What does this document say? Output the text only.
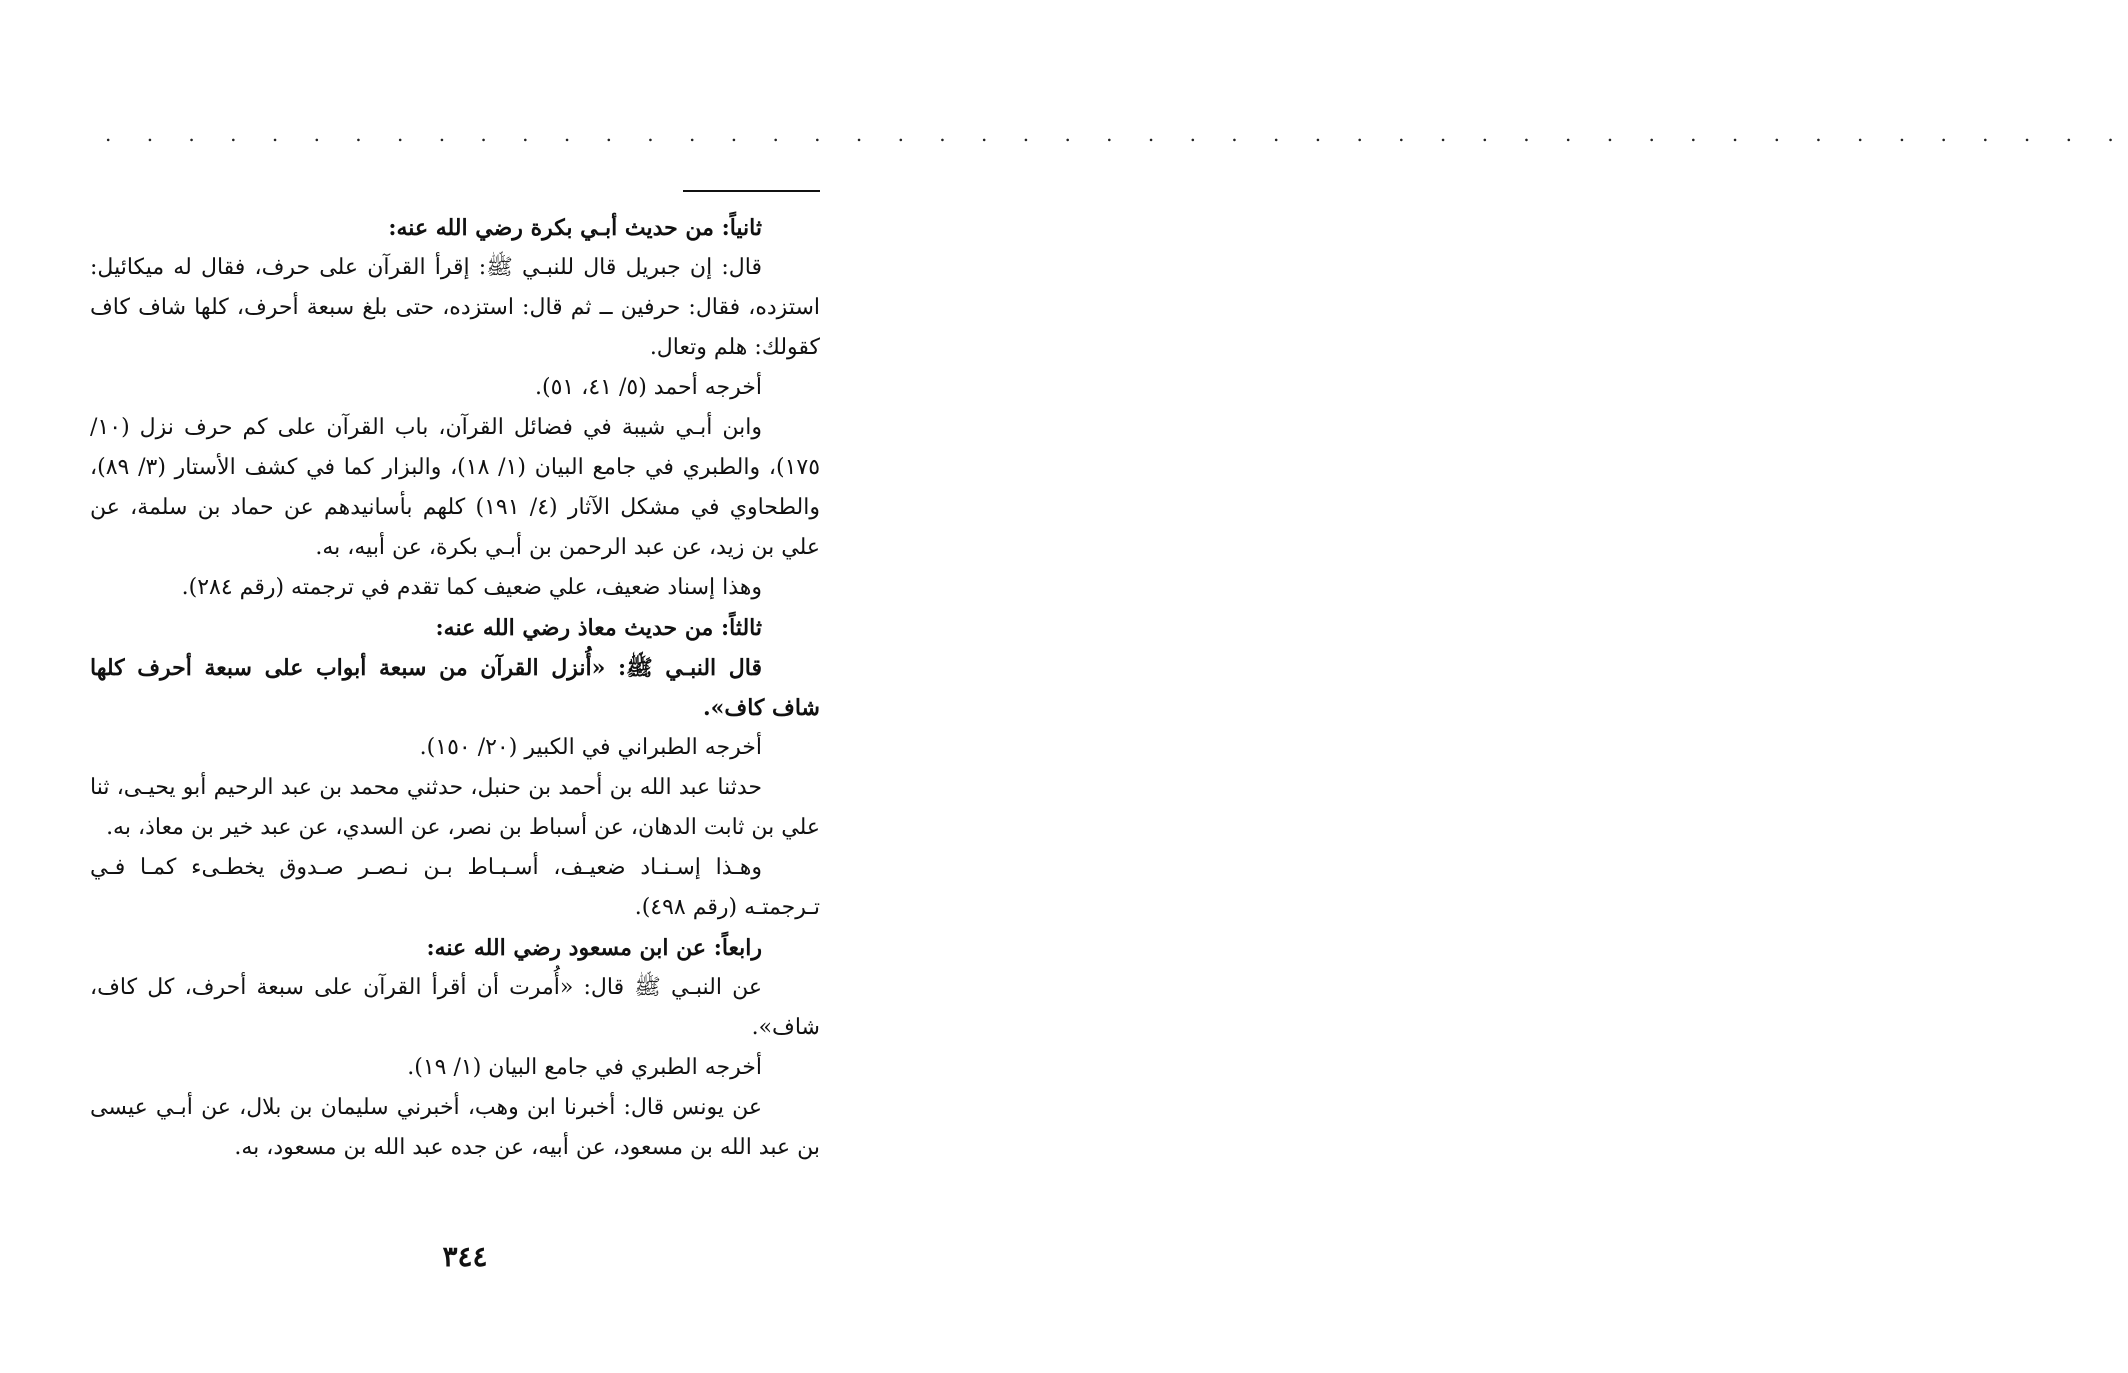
. . . . . . . . . . . . . . . . . . . . . . . . . . . . . . . . . . . . . . . . . . . . . . . . .

ثانياً: من حديث أبـي بكرة رضي الله عنه:

قال: إن جبريل قال للنبـي ﷺ: إقرأ القرآن على حرف، فقال له ميكائيل: استزده، فقال: حرفين ــ ثم قال: استزده، حتى بلغ سبعة أحرف، كلها شاف كاف كقولك: هلم وتعال.

أخرجه أحمد (٥/ ٤١، ٥١).

وابن أبـي شيبة في فضائل القرآن، باب القرآن على كم حرف نزل (١٠/ ١٧٥)، والطبري في جامع البيان (١/ ١٨)، والبزار كما في كشف الأستار (٣/ ٨٩)، والطحاوي في مشكل الآثار (٤/ ١٩١) كلهم بأسانيدهم عن حماد بن سلمة، عن علي بن زيد، عن عبد الرحمن بن أبـي بكرة، عن أبيه، به.

وهذا إسناد ضعيف، علي ضعيف كما تقدم في ترجمته (رقم ٢٨٤).

ثالثاً: من حديث معاذ رضي الله عنه:

قال النبـي ﷺ: «أُنزل القرآن من سبعة أبواب على سبعة أحرف كلها شاف كاف».

أخرجه الطبراني في الكبير (٢٠/ ١٥٠).

حدثنا عبد الله بن أحمد بن حنبل، حدثني محمد بن عبد الرحيم أبو يحيـى، ثنا علي بن ثابت الدهان، عن أسباط بن نصر، عن السدي، عن عبد خير بن معاذ، به.

وهـذا إسـنـاد ضعيـف، أسـبـاط بـن نـصـر صـدوق يخطـىء كمـا فـي تـرجمتـه (رقم ٤٩٨).

رابعاً: عن ابن مسعود رضي الله عنه:

عن النبـي ﷺ قال: «أُمرت أن أقرأ القرآن على سبعة أحرف، كل كاف، شاف».

أخرجه الطبري في جامع البيان (١/ ١٩).

عن يونس قال: أخبرنا ابن وهب، أخبرني سليمان بن بلال، عن أبـي عيسى بن عبد الله بن مسعود، عن أبيه، عن جده عبد الله بن مسعود، به.

٣٤٤
